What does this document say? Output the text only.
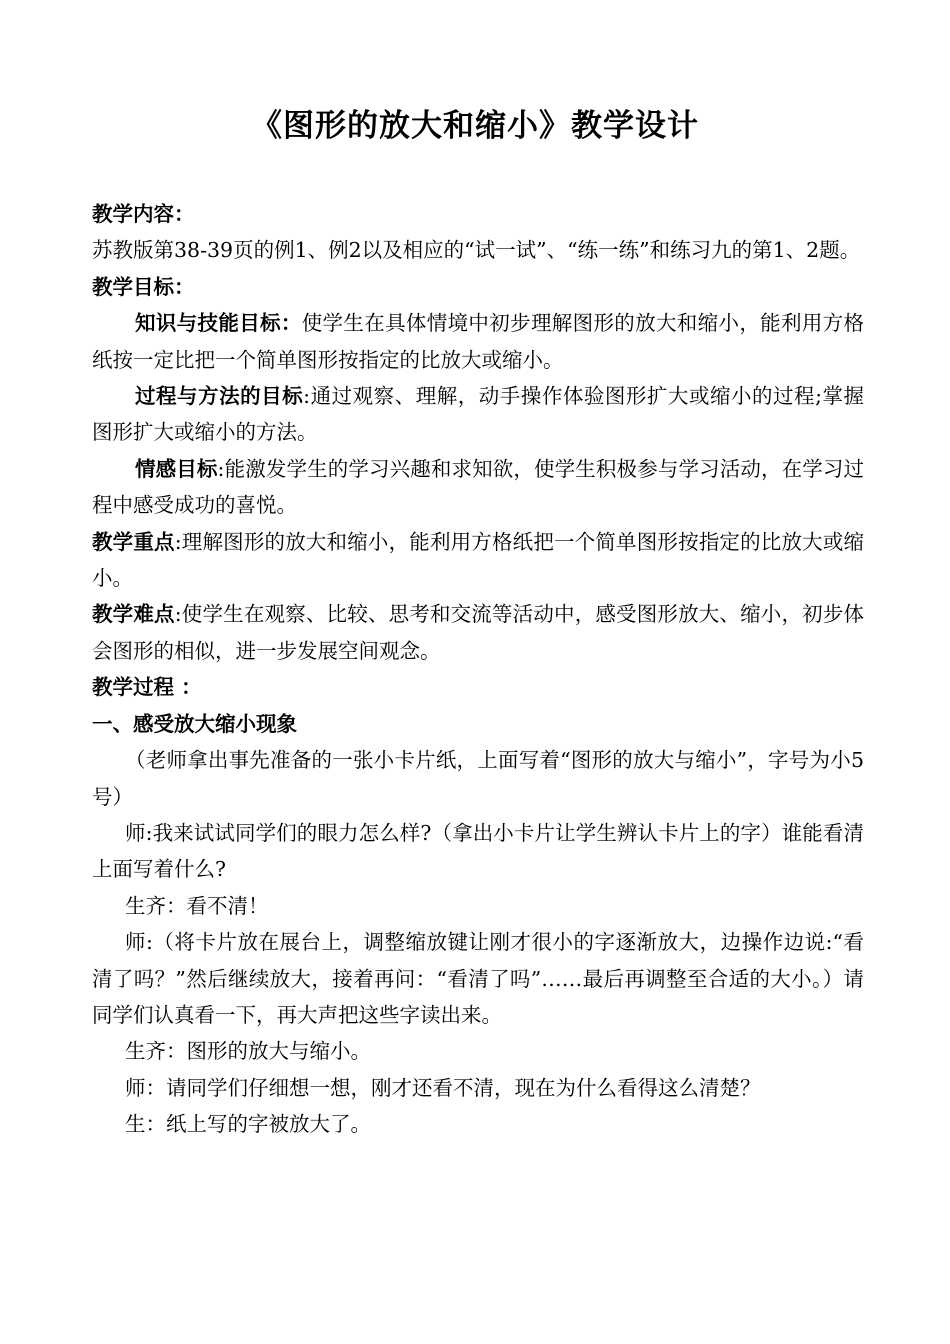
《图形的放大和缩小》教学设计

教学内容：

苏教版第38-39页的例1、例2以及相应的“试一试”、“练一练”和练习九的第1、2题。

教学目标：

知识与技能目标：使学生在具体情境中初步理解图形的放大和缩小，能利用方格纸按一定比把一个简单图形按指定的比放大或缩小。

过程与方法的目标:通过观察、理解，动手操作体验图形扩大或缩小的过程;掌握图形扩大或缩小的方法。

情感目标:能激发学生的学习兴趣和求知欲，使学生积极参与学习活动，在学习过程中感受成功的喜悦。

教学重点:理解图形的放大和缩小，能利用方格纸把一个简单图形按指定的比放大或缩小。

教学难点:使学生在观察、比较、思考和交流等活动中，感受图形放大、缩小，初步体会图形的相似，进一步发展空间观念。

教学过程 ：

一、感受放大缩小现象

（老师拿出事先准备的一张小卡片纸，上面写着“图形的放大与缩小”，字号为小5号）

师:我来试试同学们的眼力怎么样?（拿出小卡片让学生辨认卡片上的字）谁能看清上面写着什么?

生齐：看不清！

师:（将卡片放在展台上，调整缩放键让刚才很小的字逐渐放大，边操作边说:“看清了吗？”然后继续放大，接着再问：“看清了吗”……最后再调整至合适的大小。）请同学们认真看一下，再大声把这些字读出来。

生齐：图形的放大与缩小。

师：请同学们仔细想一想，刚才还看不清，现在为什么看得这么清楚？

生：纸上写的字被放大了。
